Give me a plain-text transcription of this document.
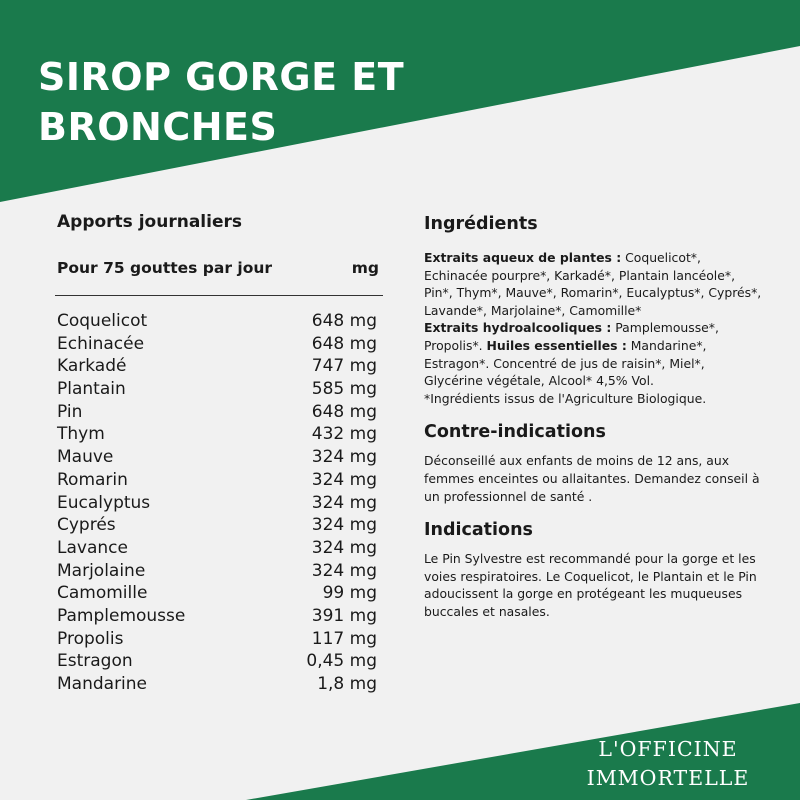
SIROP GORGE ET
BRONCHES
Apports journaliers
Pour 75 gouttes par jour	mg
Coquelicot	648 mg
Echinacée	648 mg
Karkadé	747 mg
Plantain	585 mg
Pin	648 mg
Thym	432 mg
Mauve	324 mg
Romarin	324 mg
Eucalyptus	324 mg
Cyprés	324 mg
Lavance	324 mg
Marjolaine	324 mg
Camomille	99 mg
Pamplemousse	391 mg
Propolis	117 mg
Estragon	0,45 mg
Mandarine	1,8 mg
Ingrédients
Extraits aqueux de plantes : Coquelicot*, Echinacée pourpre*, Karkadé*, Plantain lancéole*, Pin*, Thym*, Mauve*, Romarin*, Eucalyptus*, Cyprés*, Lavande*, Marjolaine*, Camomille*
Extraits hydroalcooliques : Pamplemousse*, Propolis*. Huiles essentielles : Mandarine*, Estragon*. Concentré de jus de raisin*, Miel*, Glycérine végétale, Alcool* 4,5% Vol.
*Ingrédients issus de l'Agriculture Biologique.
Contre-indications
Déconseillé aux enfants de moins de 12 ans, aux femmes enceintes ou allaitantes. Demandez conseil à un professionnel de santé .
Indications
Le Pin Sylvestre est recommandé pour la gorge et les voies respiratoires. Le Coquelicot, le Plantain et le Pin adoucissent la gorge en protégeant les muqueuses buccales et nasales.
L'OFFICINE
IMMORTELLE
